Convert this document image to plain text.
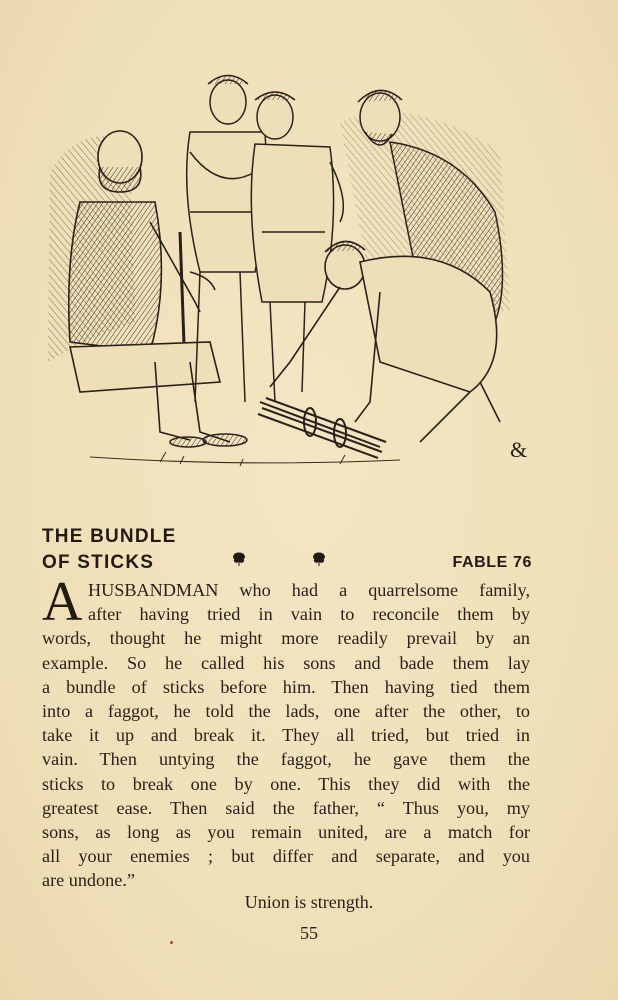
&
THE BUNDLE
OF STICKS	FABLE 76
A HUSBANDMAN who had a quarrelsome family,
after having tried in vain to reconcile them by
words, thought he might more readily prevail by an
example. So he called his sons and bade them lay
a bundle of sticks before him. Then having tied them
into a faggot, he told the lads, one after the other, to
take it up and break it. They all tried, but tried in
vain. Then untying the faggot, he gave them the
sticks to break one by one. This they did with the
greatest ease. Then said the father, “ Thus you, my
sons, as long as you remain united, are a match for
all your enemies ; but differ and separate, and you
are undone.”
Union is strength.
55
